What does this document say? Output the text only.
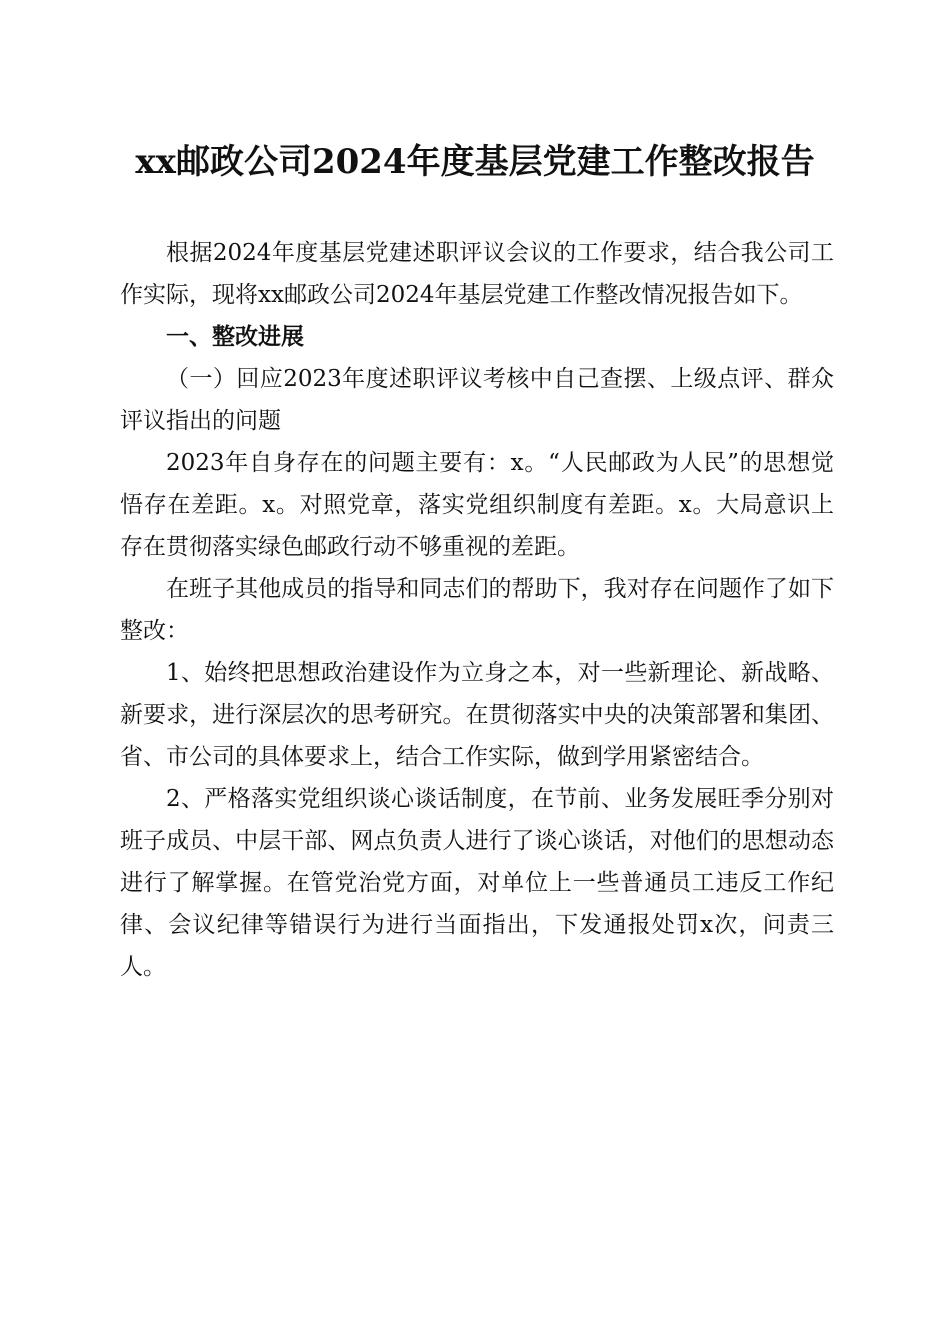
xx邮政公司2024年度基层党建工作整改报告

根据2024年度基层党建述职评议会议的工作要求，结合我公司工作实际，现将xx邮政公司2024年基层党建工作整改情况报告如下。

一、整改进展

（一）回应2023年度述职评议考核中自己查摆、上级点评、群众评议指出的问题

2023年自身存在的问题主要有：x。“人民邮政为人民”的思想觉悟存在差距。x。对照党章，落实党组织制度有差距。x。大局意识上存在贯彻落实绿色邮政行动不够重视的差距。

在班子其他成员的指导和同志们的帮助下，我对存在问题作了如下整改：

1、始终把思想政治建设作为立身之本，对一些新理论、新战略、新要求，进行深层次的思考研究。在贯彻落实中央的决策部署和集团、省、市公司的具体要求上，结合工作实际，做到学用紧密结合。

2、严格落实党组织谈心谈话制度，在节前、业务发展旺季分别对班子成员、中层干部、网点负责人进行了谈心谈话，对他们的思想动态进行了解掌握。在管党治党方面，对单位上一些普通员工违反工作纪律、会议纪律等错误行为进行当面指出，下发通报处罚x次，问责三人。
